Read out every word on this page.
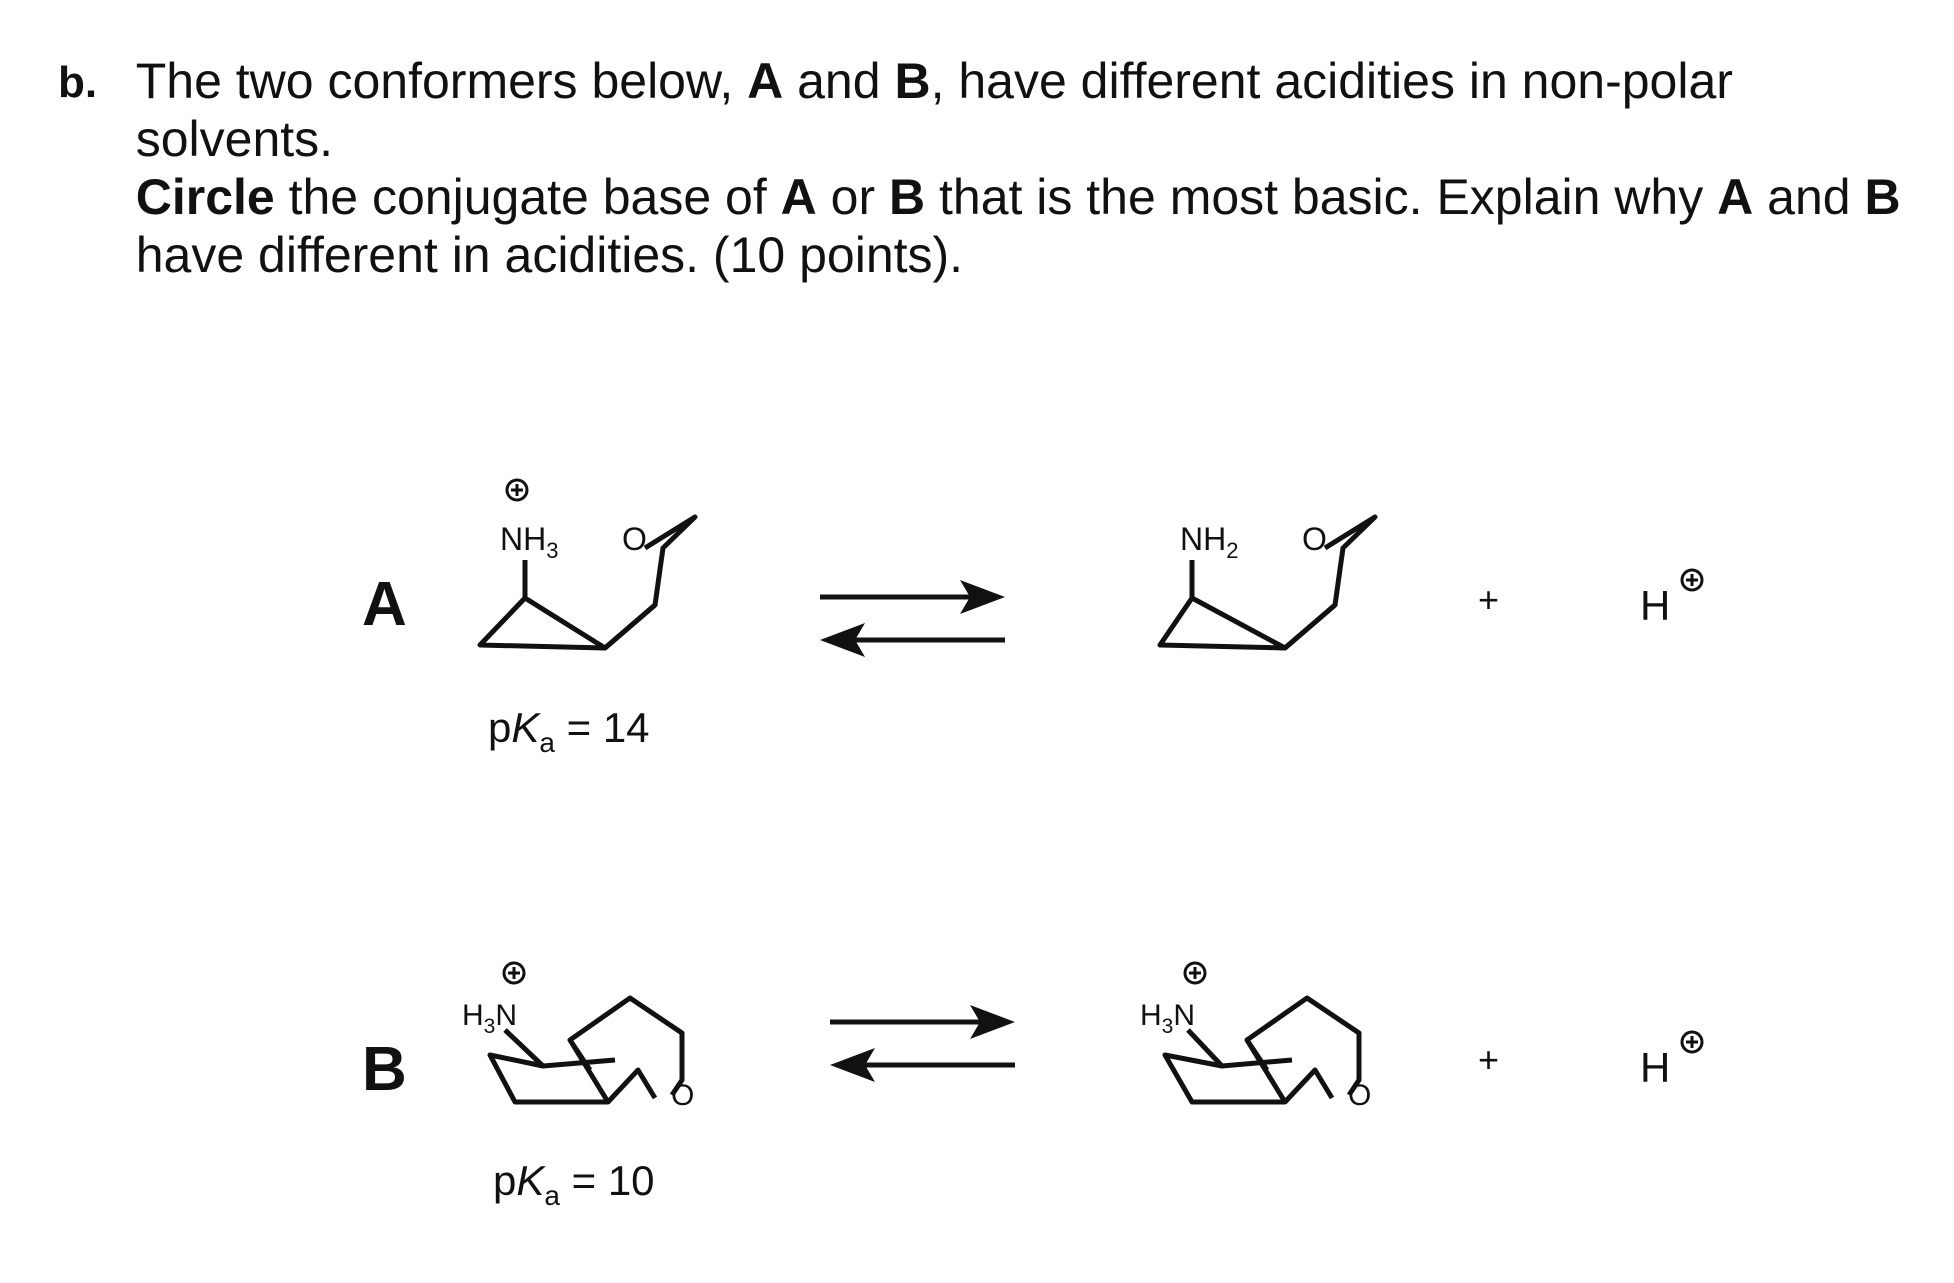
b. The two conformers below, A and B, have different acidities in non-polar solvents.
Circle the conjugate base of A or B that is the most basic. Explain why A and B
have different in acidities. (10 points).
A
$NH_3$ O
$pK_a = 14$
$NH_2$ O
+	H
B
$H_3N$
O
$pK_a = 10$
$H_3N$
O
+	H
